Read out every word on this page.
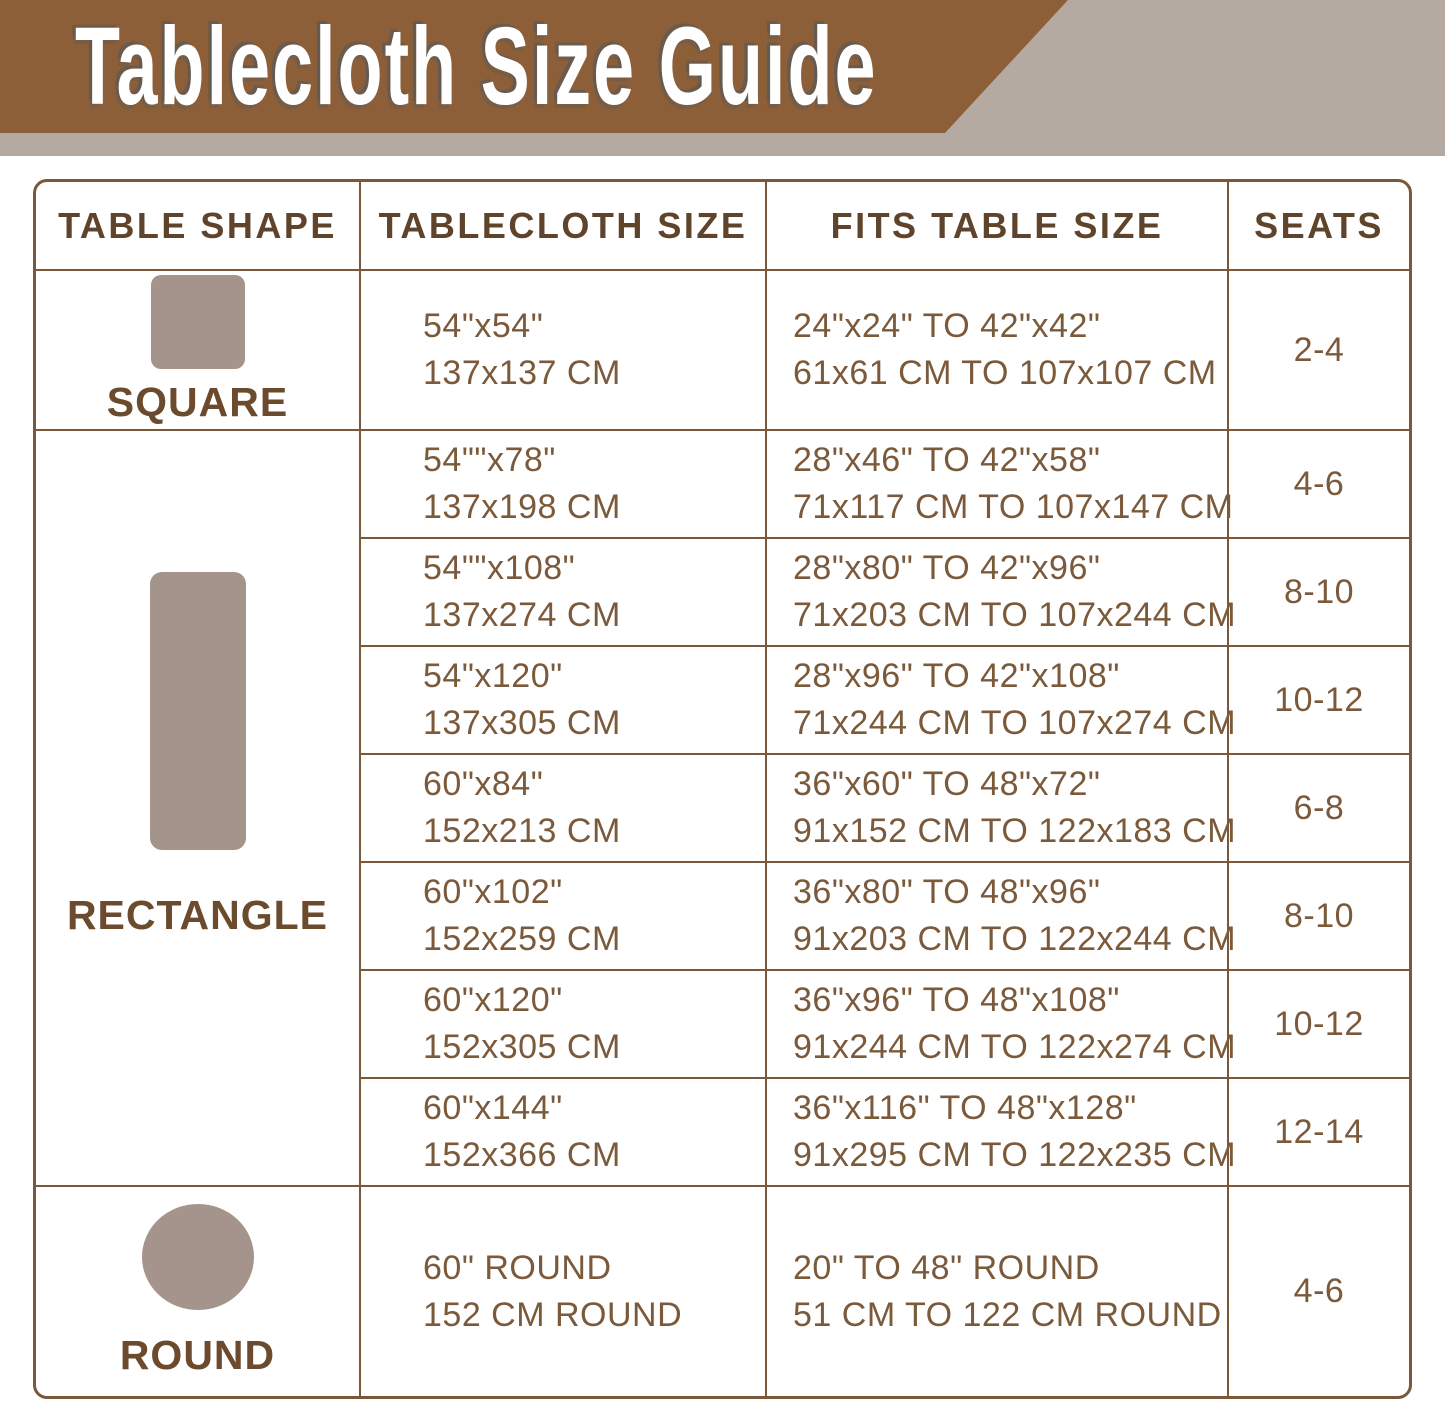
Tablecloth Size Guide
TABLE SHAPE	TABLECLOTH SIZE	FITS TABLE SIZE	SEATS

SQUARE

54"x54"
137x137 CM

24"x24" TO 42"x42"
61x61 CM TO 107x107 CM
	2-4

RECTANGLE

54""x78"
137x198 CM

28"x46" TO 42"x58"
71x117 CM TO 107x147 CM
	4-6

54""x108"
137x274 CM

28"x80" TO 42"x96"
71x203 CM TO 107x244 CM
	8-10

54"x120"
137x305 CM

28"x96" TO 42"x108"
71x244 CM TO 107x274 CM
	10-12

60"x84"
152x213 CM

36"x60" TO 48"x72"
91x152 CM TO 122x183 CM
	6-8

60"x102"
152x259 CM

36"x80" TO 48"x96"
91x203 CM TO 122x244 CM
	8-10

60"x120"
152x305 CM

36"x96" TO 48"x108"
91x244 CM TO 122x274 CM
	10-12

60"x144"
152x366 CM

36"x116" TO 48"x128"
91x295 CM TO 122x235 CM
	12-14

ROUND

60" ROUND
152 CM ROUND

20" TO 48" ROUND
51 CM TO 122 CM ROUND
	4-6
